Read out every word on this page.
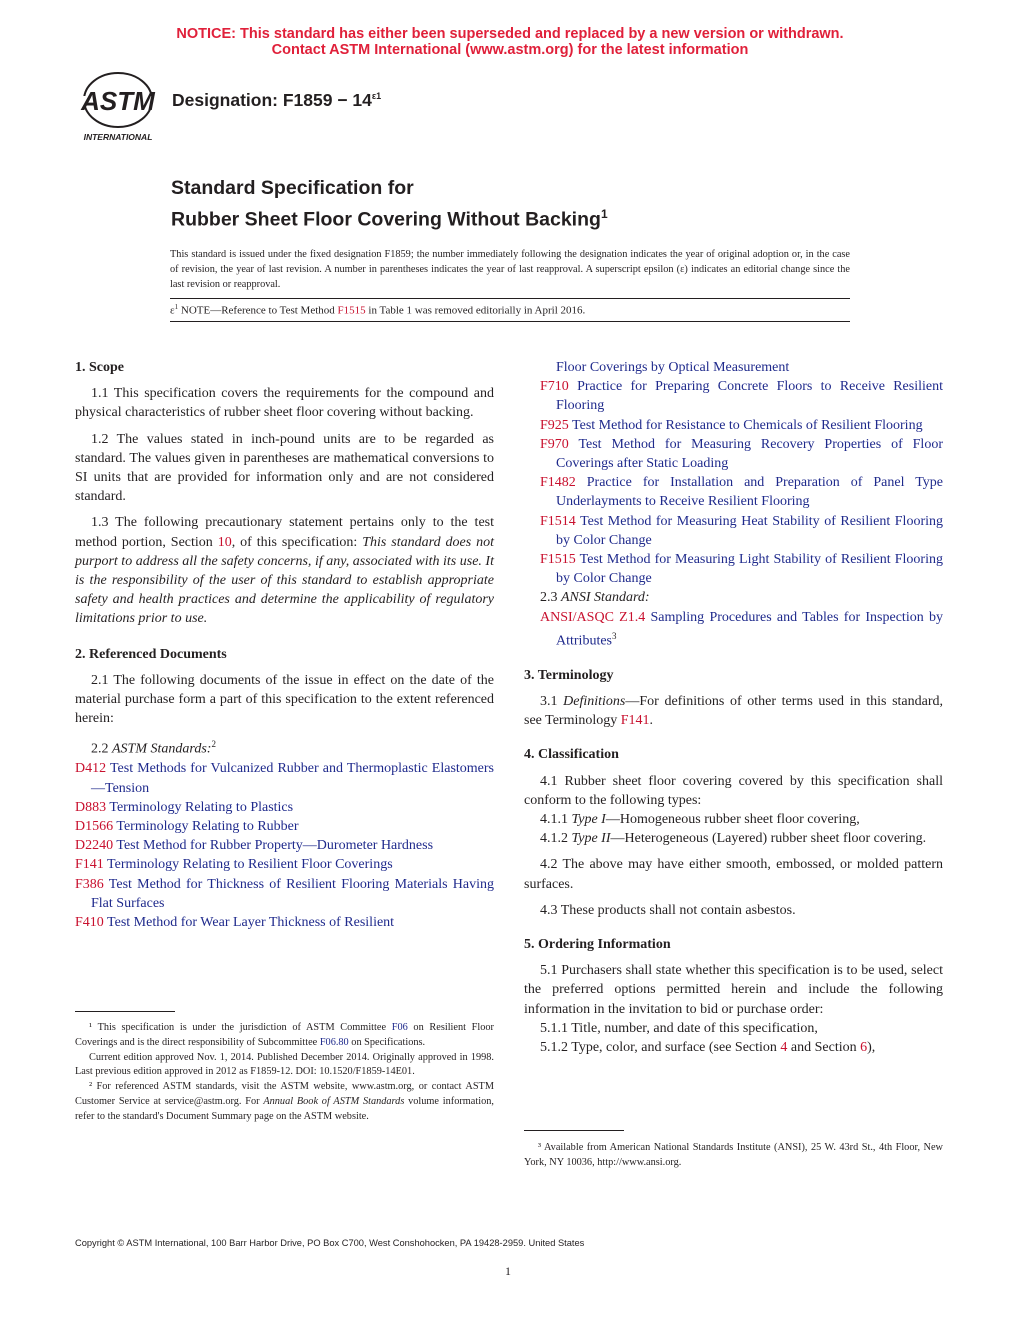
NOTICE: This standard has either been superseded and replaced by a new version or withdrawn.
Contact ASTM International (www.astm.org) for the latest information
ASTM
INTERNATIONAL
Designation: $F1859 - 14^{\varepsilon 1}$
Standard Specification for
Rubber Sheet Floor Covering Without Backing$^1$
This standard is issued under the fixed designation F1859; the number immediately following the designation indicates the year of original adoption or, in the case of revision, the year of last revision. A number in parentheses indicates the year of last reapproval. A superscript epsilon (ε) indicates an editorial change since the last revision or reapproval.
$\varepsilon^1$ NOTE—Reference to Test Method F1515 in Table 1 was removed editorially in April 2016.
1. Scope

1.1 This specification covers the requirements for the compound and physical characteristics of rubber sheet floor covering without backing.

1.2 The values stated in inch-pound units are to be regarded as standard. The values given in parentheses are mathematical conversions to SI units that are provided for information only and are not considered standard.

1.3 The following precautionary statement pertains only to the test method portion, Section 10, of this specification: This standard does not purport to address all the safety concerns, if any, associated with its use. It is the responsibility of the user of this standard to establish appropriate safety and health practices and determine the applicability of regulatory limitations prior to use.

2. Referenced Documents

2.1 The following documents of the issue in effect on the date of the material purchase form a part of this specification to the extent referenced herein:

2.2 ASTM Standards:$^2$

D412 Test Methods for Vulcanized Rubber and Thermoplastic Elastomers—Tension

D883 Terminology Relating to Plastics

D1566 Terminology Relating to Rubber

D2240 Test Method for Rubber Property—Durometer Hardness

F141 Terminology Relating to Resilient Floor Coverings

F386 Test Method for Thickness of Resilient Flooring Materials Having Flat Surfaces

F410 Test Method for Wear Layer Thickness of Resilient

¹ This specification is under the jurisdiction of ASTM Committee F06 on Resilient Floor Coverings and is the direct responsibility of Subcommittee F06.80 on Specifications.

Current edition approved Nov. 1, 2014. Published December 2014. Originally approved in 1998. Last previous edition approved in 2012 as F1859-12. DOI: 10.1520/F1859-14E01.

² For referenced ASTM standards, visit the ASTM website, www.astm.org, or contact ASTM Customer Service at service@astm.org. For Annual Book of ASTM Standards volume information, refer to the standard's Document Summary page on the ASTM website.

Floor Coverings by Optical Measurement

F710 Practice for Preparing Concrete Floors to Receive Resilient Flooring

F925 Test Method for Resistance to Chemicals of Resilient Flooring

F970 Test Method for Measuring Recovery Properties of Floor Coverings after Static Loading

F1482 Practice for Installation and Preparation of Panel Type Underlayments to Receive Resilient Flooring

F1514 Test Method for Measuring Heat Stability of Resilient Flooring by Color Change

F1515 Test Method for Measuring Light Stability of Resilient Flooring by Color Change

2.3 ANSI Standard:

ANSI/ASQC Z1.4 Sampling Procedures and Tables for Inspection by Attributes$^3$

3. Terminology

3.1 Definitions—For definitions of other terms used in this standard, see Terminology F141.

4. Classification

4.1 Rubber sheet floor covering covered by this specification shall conform to the following types:

4.1.1 Type I—Homogeneous rubber sheet floor covering,

4.1.2 Type II—Heterogeneous (Layered) rubber sheet floor covering.

4.2 The above may have either smooth, embossed, or molded pattern surfaces.

4.3 These products shall not contain asbestos.

5. Ordering Information

5.1 Purchasers shall state whether this specification is to be used, select the preferred options permitted herein and include the following information in the invitation to bid or purchase order:

5.1.1 Title, number, and date of this specification,

5.1.2 Type, color, and surface (see Section 4 and Section 6),

³ Available from American National Standards Institute (ANSI), 25 W. 43rd St., 4th Floor, New York, NY 10036, http://www.ansi.org.
Copyright © ASTM International, 100 Barr Harbor Drive, PO Box C700, West Conshohocken, PA 19428-2959. United States
1
